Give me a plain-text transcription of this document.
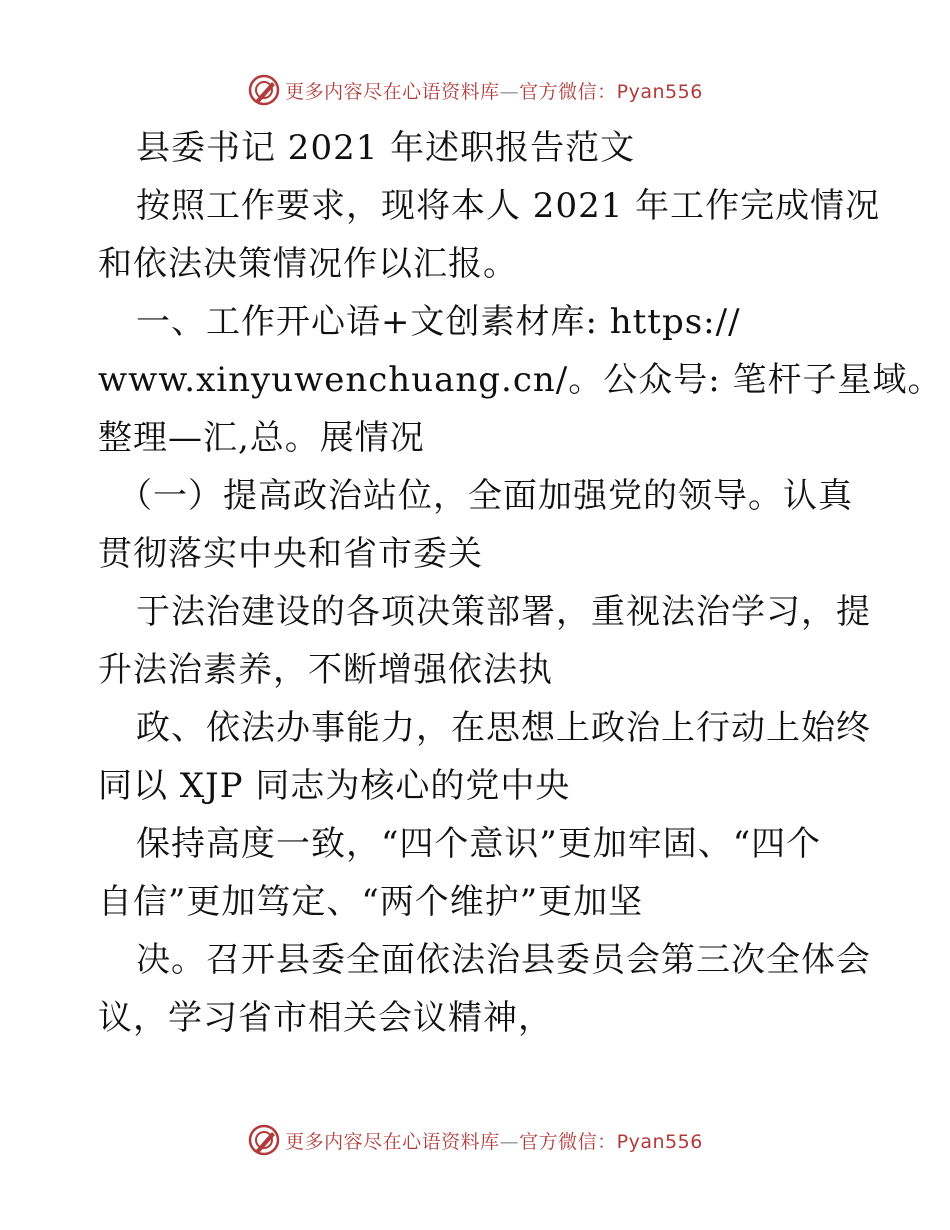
更多内容尽在心语资料库—官方微信：Pyan556
县委书记 2021 年述职报告范文
按照工作要求，现将本人 2021 年工作完成情况
和依法决策情况作以汇报。
一、工作开心语+文创素材库: https://
www.xinyuwenchuang.cn/。公众号: 笔杆子星域。
整理—汇,总。展情况
（一）提高政治站位，全面加强党的领导。认真
贯彻落实中央和省市委关
于法治建设的各项决策部署，重视法治学习，提
升法治素养，不断增强依法执
政、依法办事能力，在思想上政治上行动上始终
同以 XJP 同志为核心的党中央
保持高度一致，“四个意识”更加牢固、“四个
自信”更加笃定、“两个维护”更加坚
决。召开县委全面依法治县委员会第三次全体会
议，学习省市相关会议精神，
更多内容尽在心语资料库—官方微信：Pyan556
